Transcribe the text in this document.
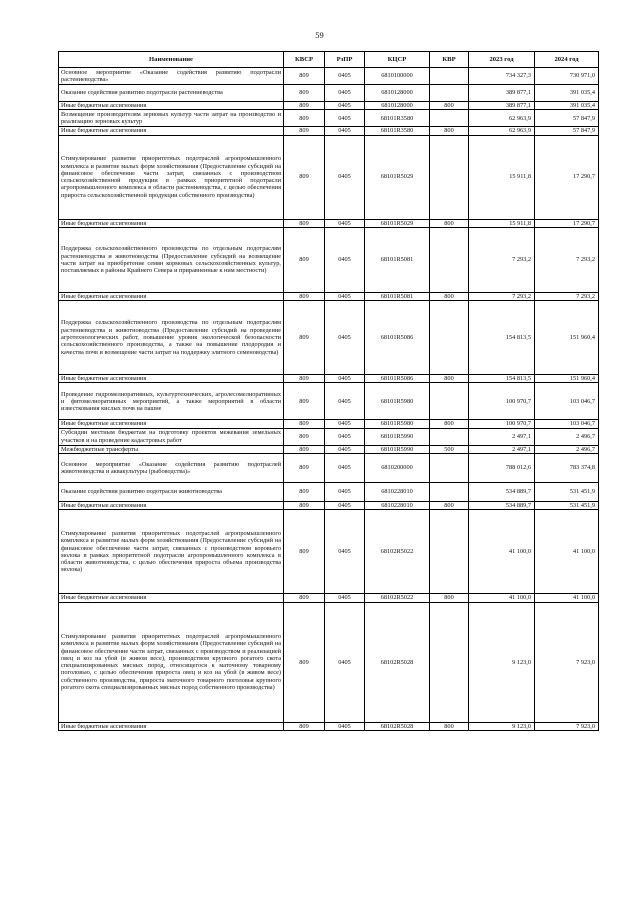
59
Наименование	КВСР	РзПР	КЦСР	КВР	2023 год	2024 год
Основное мероприятие «Оказание содействия развитию подотрасли растениеводства»	809	0405	6810100000		734 327,3	730 971,0
Оказание содействия развитию подотрасли растениеводства	809	0405	6810128000		389 877,1	391 035,4
Иные бюджетные ассигнования	809	0405	6810128000	800	389 877,1	391 035,4
Возмещение производителям зерновых культур части затрат на производство и реализацию зерновых культур	809	0405	68101R3580		62 963,9	57 847,9
Иные бюджетные ассигнования	809	0405	68101R3580	800	62 963,9	57 847,9
Стимулирование развития приоритетных подотраслей агропромышленного комплекса и развитие малых форм хозяйствования (Предоставление субсидий на финансовое обеспечение части затрат, связанных с производством сельскохозяйственной продукции в рамках приоритетной подотрасли агропромышленного комплекса в области растениеводства, с целью обеспечения прироста сельскохозяйственной продукции собственного производства)	809	0405	68101R5029		15 911,8	17 290,7
Иные бюджетные ассигнования	809	0405	68101R5029	800	15 911,8	17 290,7
Поддержка сельскохозяйственного производства по отдельным подотраслям растениеводства и животноводства (Предоставление субсидий на возмещение части затрат на приобретение семян кормовых сельскохозяйственных культур, поставляемых в районы Крайнего Севера и приравненные к ним местности)	809	0405	68101R5081		7 293,2	7 293,2
Иные бюджетные ассигнования	809	0405	68101R5081	800	7 293,2	7 293,2
Поддержка сельскохозяйственного производства по отдельным подотраслям растениеводства и животноводства (Предоставление субсидий на проведение агротехнологических работ, повышение уровня экологической безопасности сельскохозяйственного производства, а также на повышение плодородия и качества почв и возмещение части затрат на поддержку элитного семеноводства)	809	0405	68101R5086		154 813,5	151 960,4
Иные бюджетные ассигнования	809	0405	68101R5086	800	154 813,5	151 960,4
Проведение гидромелиоративных, культуртехнических, агролесомелиоративных и фитомелиоративных мероприятий, а также мероприятий в области известкования кислых почв на пашне	809	0405	68101R5980		100 970,7	103 046,7
Иные бюджетные ассигнования	809	0405	68101R5980	800	100 970,7	103 046,7
Субсидии местным бюджетам на подготовку проектов межевания земельных участков и на проведение кадастровых работ	809	0405	68101R5990		2 497,1	2 496,7
Межбюджетные трансферты	809	0405	68101R5990	500	2 497,1	2 496,7
Основное мероприятие «Оказание содействия развитию подотраслей животноводства и аквакультуры (рыбоводства)»	809	0405	6810200000		788 012,6	783 374,8
Оказание содействия развитию подотрасли животноводства	809	0405	6810228010		534 889,7	531 451,9
Иные бюджетные ассигнования	809	0405	6810228010	800	534 889,7	531 451,9
Стимулирование развития приоритетных подотраслей агропромышленного комплекса и развитие малых форм хозяйствования (Предоставление субсидий на финансовое обеспечение части затрат, связанных с производством коровьего молока в рамках приоритетной подотрасли агропромышленного комплекса в области животноводства, с целью обеспечения прироста объема производства молока)	809	0405	68102R5022		41 100,0	41 100,0
Иные бюджетные ассигнования	809	0405	68102R5022	800	41 100,0	41 100,0
Стимулирование развития приоритетных подотраслей агропромышленного комплекса и развитие малых форм хозяйствования (Предоставление субсидий на финансовое обеспечение части затрат, связанных с производством и реализацией овец и коз на убой (в живом весе), производством крупного рогатого скота специализированных мясных пород, относящегося к маточному товарному поголовью, с целью обеспечения прироста овец и коз на убой (в живом весе) собственного производства, прироста маточного товарного поголовья крупного рогатого скота специализированных мясных пород собственного производства)	809	0405	68102R5028		9 123,0	7 923,0
Иные бюджетные ассигнования	809	0405	68102R5028	800	9 123,0	7 923,0
